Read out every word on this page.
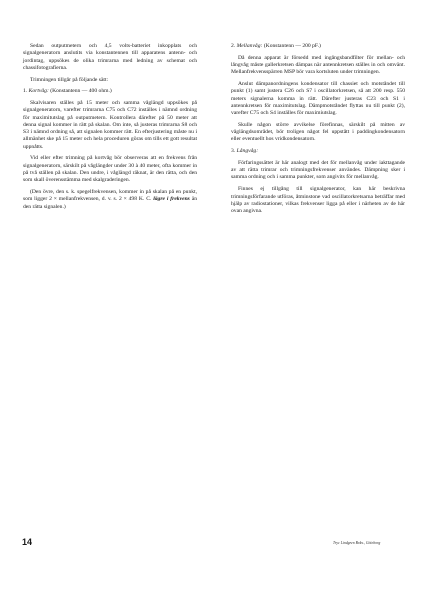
Sedan outputmetern och 4,5 volts-batteriet inkopplats och signalgeneratorn anslutits via konstantennen till apparatens antenn- och jordintag, uppsökes de olika trimrarna med ledning av schemat och chassifotografierna.

Trimningen tillgår på följande sätt:

1. Kortvåg: (Konstantenn — 400 ohm.)

Skalvisaren ställes på 15 meter och samma våglängd uppsökes på signalgeneratorn, varefter trimrarna C75 och C72 inställes i nämnd ordning för maximitutslag på outputmetern. Kontrollera därefter på 50 meter att denna signal kommer in rätt på skalan. Om inte, så justeras trimrarna S8 och S3 i nämnd ordning så, att signalen kommer rätt. En efterjustering måste nu i allmänhet ske på 15 meter och hela proceduren göras om tills ett gott resultat uppnåtts.

Vid eller efter trimning på kortvåg bör observeras att en frekvens från signalgeneratorn, särskilt på våglängder under 30 à 40 meter, ofta kommer in på två ställen på skalan. Den undre, i våglängd räknat, är den rätta, och den som skall överensstämma med skalgraderingen.

(Den övre, den s. k. spegelfrekvensen, kommer in på skalan på en punkt, som ligger 2 × mellanfrekvensen, d. v. s. 2 × 498 K. C. lägre i frekvens än den rätta signalen.)

2. Mellanvåg: (Konstantenn — 200 pF.)

Då denna apparat är försedd med ingångsbandfilter för mellan- och långvåg måste gallerkretsen dämpas när antennkretsen ställes in och omvänt. Mellanfrekvensspärren MSP bör vara kortsluten under trimningen.

Anslut dämpanordningens kondensator till chassiet och motståndet till punkt (1) samt justera C26 och S7 i oscillatorkretsen, så att 200 resp. 550 meters signalerna komma in rätt. Därefter justeras C23 och S1 i antennkretsen för maximitutslag. Dämpmotståndet flyttas nu till punkt (2), varefter C75 och S4 inställes för maximiutslag.

Skulle någon större avvikelse förefinnas, särskilt på mitten av våglängdsområdet, bör troligen något fel uppstått i paddingkondensatorn eller eventuellt hos vridkondensatorn.

3. Långvåg:

Förfaringssättet är här analogt med det för mellanvåg under iakttagande av att rätta trimrar och trimningsfrekvenser användes. Dämpning sker i samma ordning och i samma punkter, som angivits för mellanvåg.

Finnes ej tillgång till signalgenerator, kan här beskrivna trimningsförfarande utföras, åtminstone vad oscillatorkretsarna beträffar med hjälp av radiostationer, vilkas frekvenser ligga på eller i närheten av de här ovan angivna.

14	Tryc Lindgren Bokv., Göteborg
